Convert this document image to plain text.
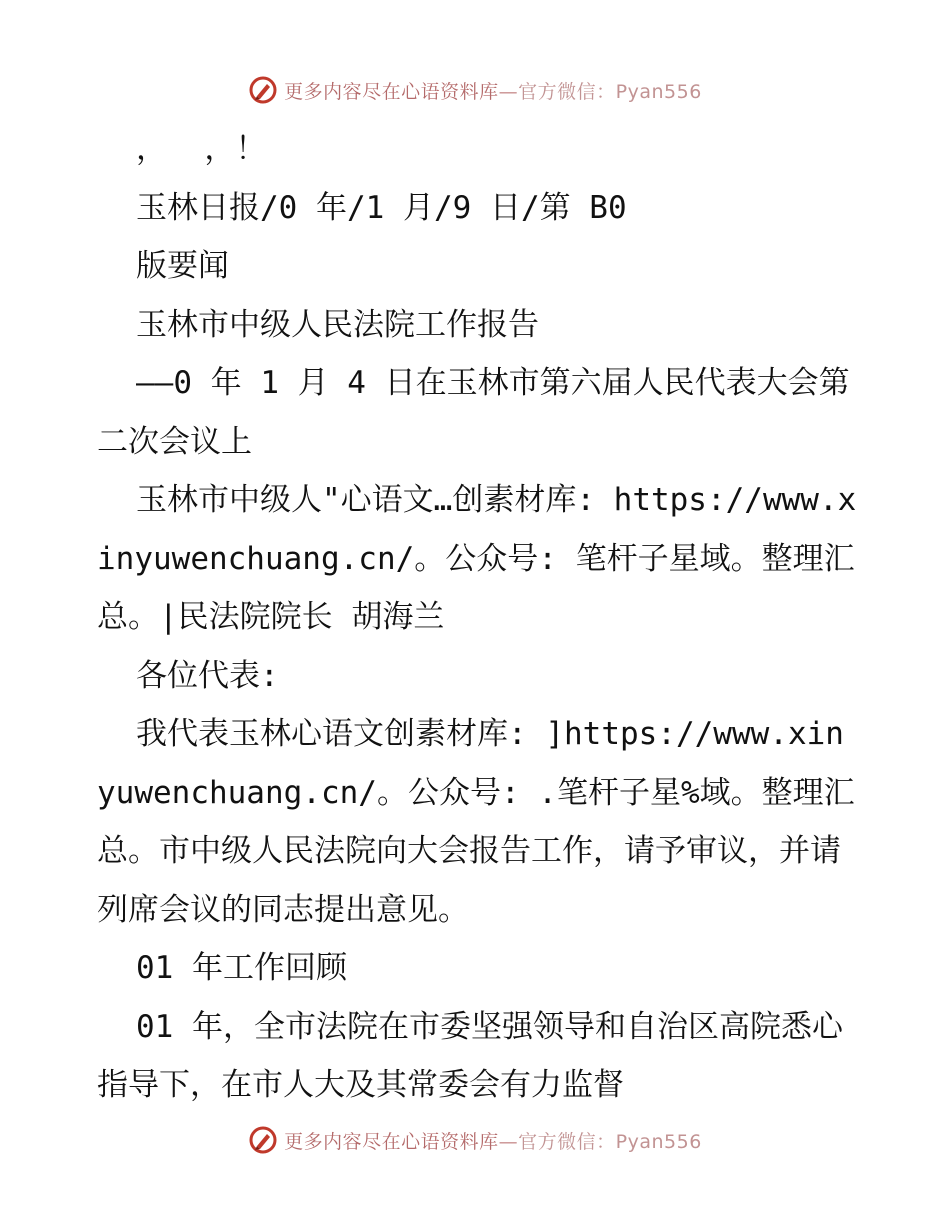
更多内容尽在心语资料库—官方微信：Pyan556

，  ，！

玉林日报/0 年/1 月/9 日/第 B0

版要闻

玉林市中级人民法院工作报告

——0 年 1 月 4 日在玉林市第六届人民代表大会第二次会议上

玉林市中级人"心语文…创素材库: https://www.xinyuwenchuang.cn/。公众号: 笔杆子星域。整理汇总。|民法院院长 胡海兰

各位代表:

我代表玉林心语文创素材库: ]https://www.xinyuwenchuang.cn/。公众号: .笔杆子星%域。整理汇总。市中级人民法院向大会报告工作，请予审议，并请列席会议的同志提出意见。

01 年工作回顾

01 年，全市法院在市委坚强领导和自治区高院悉心指导下，在市人大及其常委会有力监督

更多内容尽在心语资料库—官方微信：Pyan556
